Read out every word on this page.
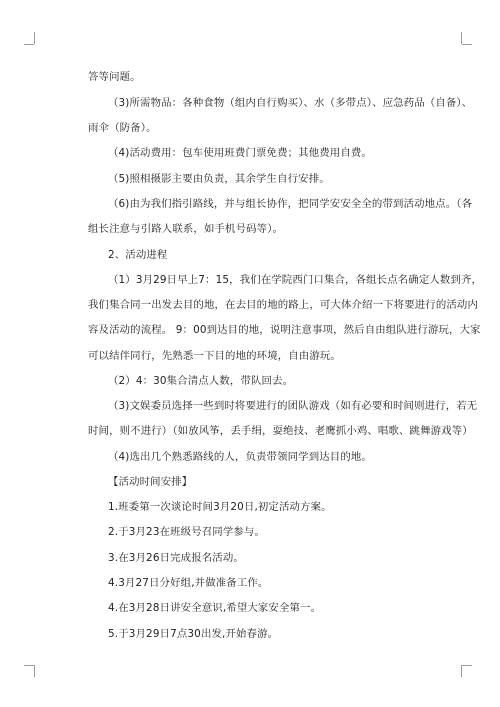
答等问题。
（3)所需物品：各种食物（组内自行购买）、水（多带点）、应急药品（自备）、
雨伞（防备）。
（4)活动费用：包车使用班费门票免费；其他费用自费。
（5)照相摄影主要由负责，其余学生自行安排。
（6)由为我们指引路线，并与组长协作，把同学安安全全的带到活动地点。（各
组长注意与引路人联系，如手机号码等）。
2、活动进程
（1）3月29日早上7：15，我们在学院西门口集合，各组长点名确定人数到齐，
我们集合同一出发去目的地，在去目的地的路上，可大体介绍一下将要进行的活动内
容及活动的流程。 9：00到达目的地，说明注意事项，然后自由组队进行游玩，大家
可以结伴同行，先熟悉一下目的地的环境，自由游玩。
（2）4：30集合清点人数，带队回去。
（3)文娱委员选择一些到时将要进行的团队游戏（如有必要和时间则进行，若无
时间，则不进行）（如放风筝，丢手绢，耍绝技、老鹰抓小鸡、唱歌、跳舞游戏等）
（4)选出几个熟悉路线的人，负责带领同学到达目的地。
【活动时间安排】
1.班委第一次谈论时间3月20日,初定活动方案。
2.于3月23在班级号召同学参与。
3.在3月26日完成报名活动。
4.3月27日分好组,并做准备工作。
4.在3月28日讲安全意识,希望大家安全第一。
5.于3月29日7点30出发,开始春游。
